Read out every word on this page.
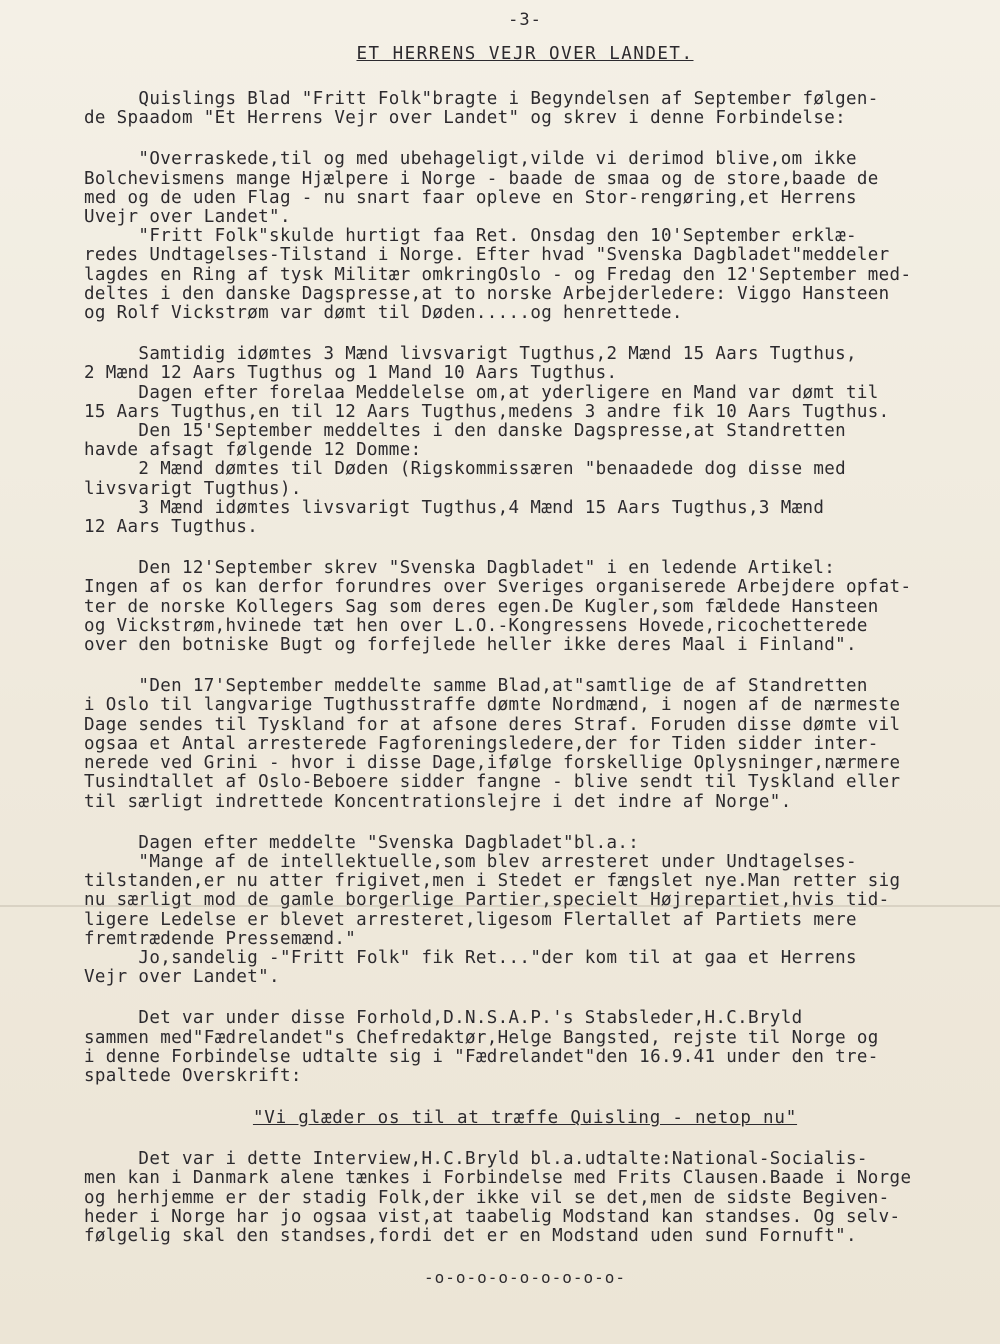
-3-
ET HERRENS VEJR OVER LANDET.

Quislings Blad "Fritt Folk"bragte i Begyndelsen af September følgen-
de Spaadom "Et Herrens Vejr over Landet" og skrev i denne Forbindelse:

"Overraskede,til og med ubehageligt,vilde vi derimod blive,om ikke
Bolchevismens mange Hjælpere i Norge - baade de smaa og de store,baade de
med og de uden Flag - nu snart faar opleve en Stor-rengøring,et Herrens
Uvejr over Landet".

"Fritt Folk"skulde hurtigt faa Ret. Onsdag den 10'September erklæ-
redes Undtagelses-Tilstand i Norge. Efter hvad "Svenska Dagbladet"meddeler
lagdes en Ring af tysk Militær omkringOslo - og Fredag den 12'September med-
deltes i den danske Dagspresse,at to norske Arbejderledere: Viggo Hansteen
og Rolf Vickstrøm var dømt til Døden.....og henrettede.

Samtidig idømtes 3 Mænd livsvarigt Tugthus,2 Mænd 15 Aars Tugthus,
2 Mænd 12 Aars Tugthus og 1 Mand 10 Aars Tugthus.

Dagen efter forelaa Meddelelse om,at yderligere en Mand var dømt til
15 Aars Tugthus,en til 12 Aars Tugthus,medens 3 andre fik 10 Aars Tugthus.

Den 15'September meddeltes i den danske Dagspresse,at Standretten
havde afsagt følgende 12 Domme:

2 Mænd dømtes til Døden (Rigskommissæren "benaadede dog disse med
livsvarigt Tugthus).

3 Mænd idømtes livsvarigt Tugthus,4 Mænd 15 Aars Tugthus,3 Mænd
12 Aars Tugthus.

Den 12'September skrev "Svenska Dagbladet" i en ledende Artikel:
Ingen af os kan derfor forundres over Sveriges organiserede Arbejdere opfat-
ter de norske Kollegers Sag som deres egen.De Kugler,som fældede Hansteen
og Vickstrøm,hvinede tæt hen over L.O.-Kongressens Hovede,ricochetterede
over den botniske Bugt og forfejlede heller ikke deres Maal i Finland".

"Den 17'September meddelte samme Blad,at"samtlige de af Standretten
i Oslo til langvarige Tugthusstraffe dømte Nordmænd, i nogen af de nærmeste
Dage sendes til Tyskland for at afsone deres Straf. Foruden disse dømte vil
ogsaa et Antal arresterede Fagforeningsledere,der for Tiden sidder inter-
nerede ved Grini - hvor i disse Dage,ifølge forskellige Oplysninger,nærmere
Tusindtallet af Oslo-Beboere sidder fangne - blive sendt til Tyskland eller
til særligt indrettede Koncentrationslejre i det indre af Norge".

Dagen efter meddelte "Svenska Dagbladet"bl.a.:

"Mange af de intellektuelle,som blev arresteret under Undtagelses-
tilstanden,er nu atter frigivet,men i Stedet er fængslet nye.Man retter sig
nu særligt mod de gamle borgerlige Partier,specielt Højrepartiet,hvis tid-
ligere Ledelse er blevet arresteret,ligesom Flertallet af Partiets mere
fremtrædende Pressemænd."

Jo,sandelig -"Fritt Folk" fik Ret..."der kom til at gaa et Herrens
Vejr over Landet".

Det var under disse Forhold,D.N.S.A.P.'s Stabsleder,H.C.Bryld
sammen med"Fædrelandet"s Chefredaktør,Helge Bangsted, rejste til Norge og
i denne Forbindelse udtalte sig i "Fædrelandet"den 16.9.41 under den tre-
spaltede Overskrift:

"Vi glæder os til at træffe Quisling - netop nu"

Det var i dette Interview,H.C.Bryld bl.a.udtalte:National-Socialis-
men kan i Danmark alene tænkes i Forbindelse med Frits Clausen.Baade i Norge
og herhjemme er der stadig Folk,der ikke vil se det,men de sidste Begiven-
heder i Norge har jo ogsaa vist,at taabelig Modstand kan standses. Og selv-
følgelig skal den standses,fordi det er en Modstand uden sund Fornuft".

-o-o-o-o-o-o-o-o-o-
